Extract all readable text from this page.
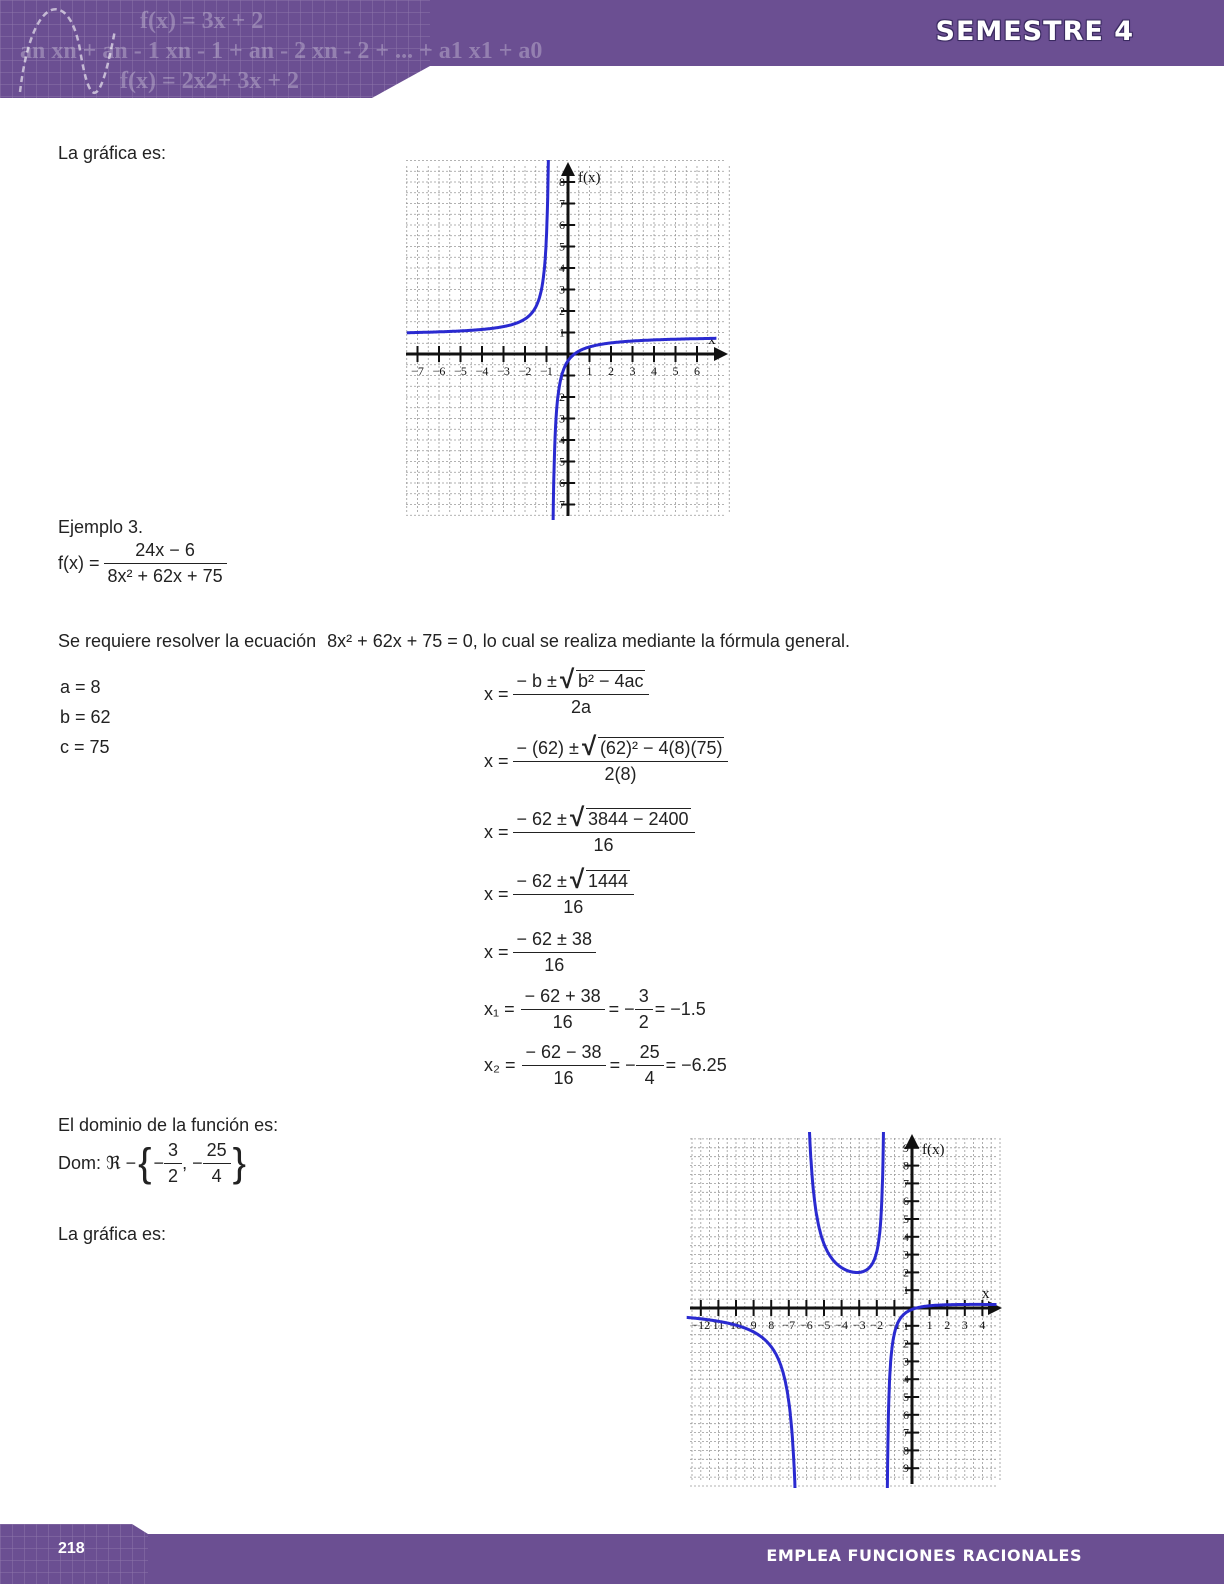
f(x) = 3x + 2
an xn + an - 1 xn - 1 + an - 2 xn - 2 + ... + a1 x1 + a0
f(x) = 2x2+ 3x + 2
SEMESTRE 4
La gráfica es:
−7 −6 −5 −4 −3 −2 −1	1 2 3 4 5 6
1
2
3
4
5
6
7
8
1
2
3
4
5
6
7
f(x)
x
Ejemplo 3.
$f(x) = \frac{24x - 6}{\text{8x² + 62x + 75}}$
Se requiere resolver la ecuación 8x² + 62x + 75 = 0, lo cual se realiza mediante la fórmula general.
a = 8
b = 62
c = 75
$x = \frac{\text{− b ± √ b² − 4ac}}{2a}$
$x = \frac{\text{− (62) ± √ (62)² − 4(8)(75)}}{2(8)}$
$x = \frac{- 62 \pm √ 3844 - 2400}{16}$
$x = \frac{- 62 \pm √ 1444}{16}$
$x = \frac{- 62 \pm 38}{16}$
$x_1 = \frac{- 62 + 38}{16}$ = − $\frac{3}{2} = -1.5$
$x_2 = \frac{- 62 - 38}{16}$ = − $\frac{25}{4} = -6.25$
El dominio de la función es:
Dom: ℜ − { − $\frac{3}{2}$ , − $\frac{25}{4}$ }
La gráfica es:
−12 11 10 9 8 −7 −6 −5 −4 −3 −2 −1 1 2 3 4
1
2
3
4
5
6
7
8
9
1
2
3
4
5
6
7
8
9
f(x)
x
218	EMPLEA FUNCIONES RACIONALES
